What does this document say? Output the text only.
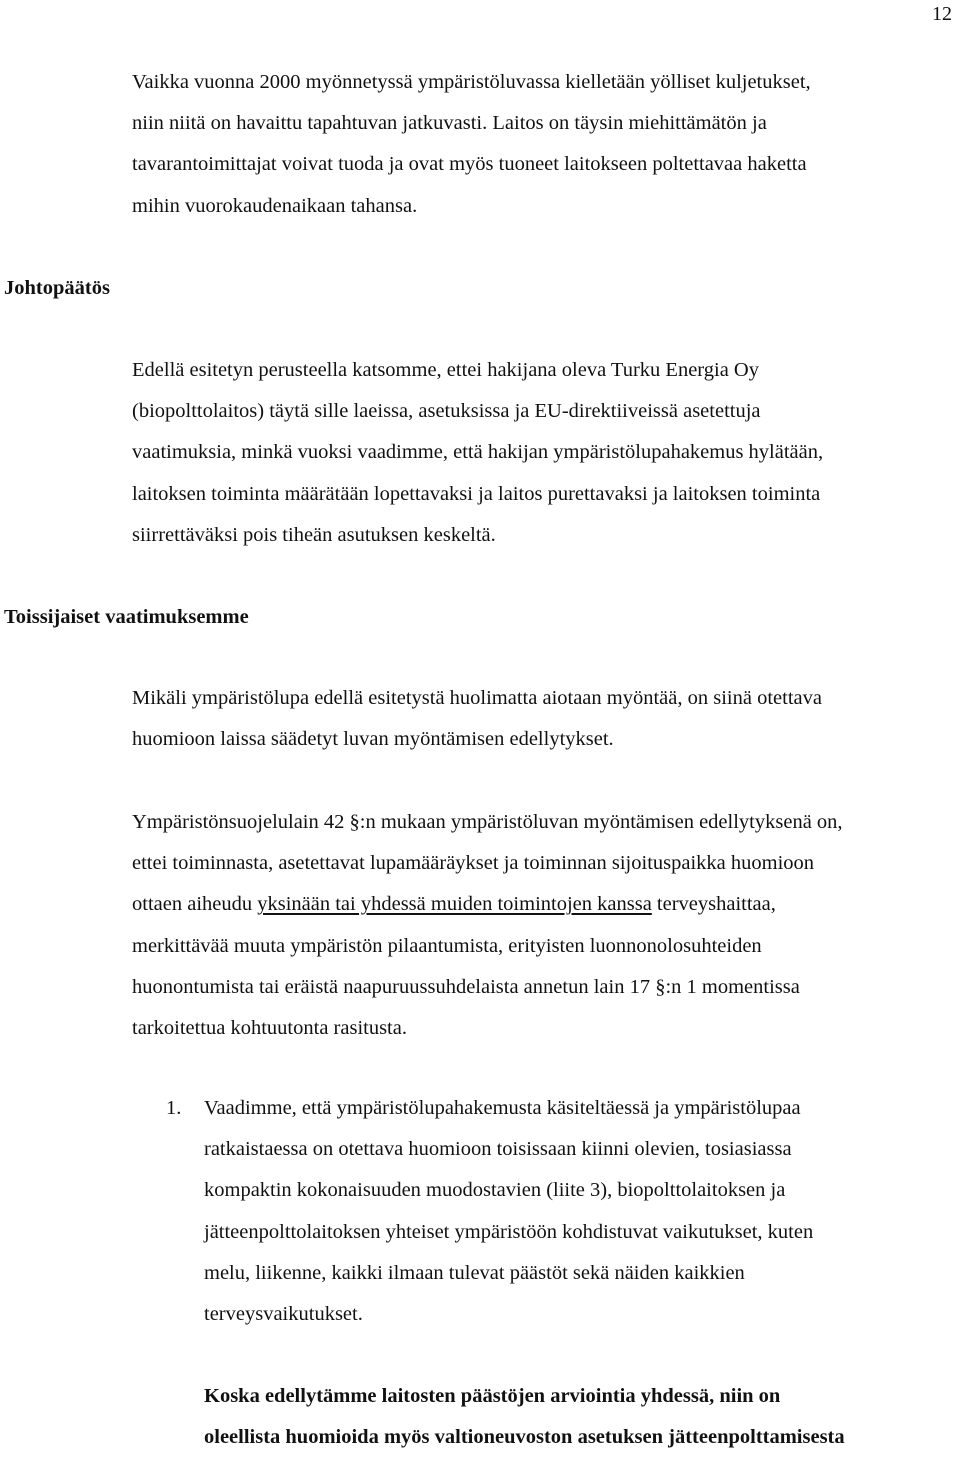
12
Vaikka vuonna 2000 myönnetyssä ympäristöluvassa kielletään yölliset kuljetukset,
niin niitä on havaittu tapahtuvan jatkuvasti. Laitos on täysin miehittämätön ja
tavarantoimittajat voivat tuoda ja ovat myös tuoneet laitokseen poltettavaa haketta
mihin vuorokaudenaikaan tahansa.
Johtopäätös
Edellä esitetyn perusteella katsomme, ettei hakijana oleva Turku Energia Oy
(biopolttolaitos) täytä sille laeissa, asetuksissa ja EU-direktiiveissä asetettuja
vaatimuksia, minkä vuoksi vaadimme, että hakijan ympäristölupahakemus hylätään,
laitoksen toiminta määrätään lopettavaksi ja laitos purettavaksi ja laitoksen toiminta
siirrettäväksi pois tiheän asutuksen keskeltä.
Toissijaiset vaatimuksemme
Mikäli ympäristölupa edellä esitetystä huolimatta aiotaan myöntää, on siinä otettava
huomioon laissa säädetyt luvan myöntämisen edellytykset.
Ympäristönsuojelulain 42 §:n mukaan ympäristöluvan myöntämisen edellytyksenä on,
ettei toiminnasta, asetettavat lupamääräykset ja toiminnan sijoituspaikka huomioon
ottaen aiheudu yksinään tai yhdessä muiden toimintojen kanssa terveyshaittaa,
merkittävää muuta ympäristön pilaantumista, erityisten luonnonolosuhteiden
huonontumista tai eräistä naapuruussuhdelaista annetun lain 17 §:n 1 momentissa
tarkoitettua kohtuutonta rasitusta.
1. Vaadimme, että ympäristölupahakemusta käsiteltäessä ja ympäristölupaa
ratkaistaessa on otettava huomioon toisissaan kiinni olevien, tosiasiassa
kompaktin kokonaisuuden muodostavien (liite 3), biopolttolaitoksen ja
jätteenpolttolaitoksen yhteiset ympäristöön kohdistuvat vaikutukset, kuten
melu, liikenne, kaikki ilmaan tulevat päästöt sekä näiden kaikkien
terveysvaikutukset.
Koska edellytämme laitosten päästöjen arviointia yhdessä, niin on
oleellista huomioida myös valtioneuvoston asetuksen jätteenpolttamisesta
